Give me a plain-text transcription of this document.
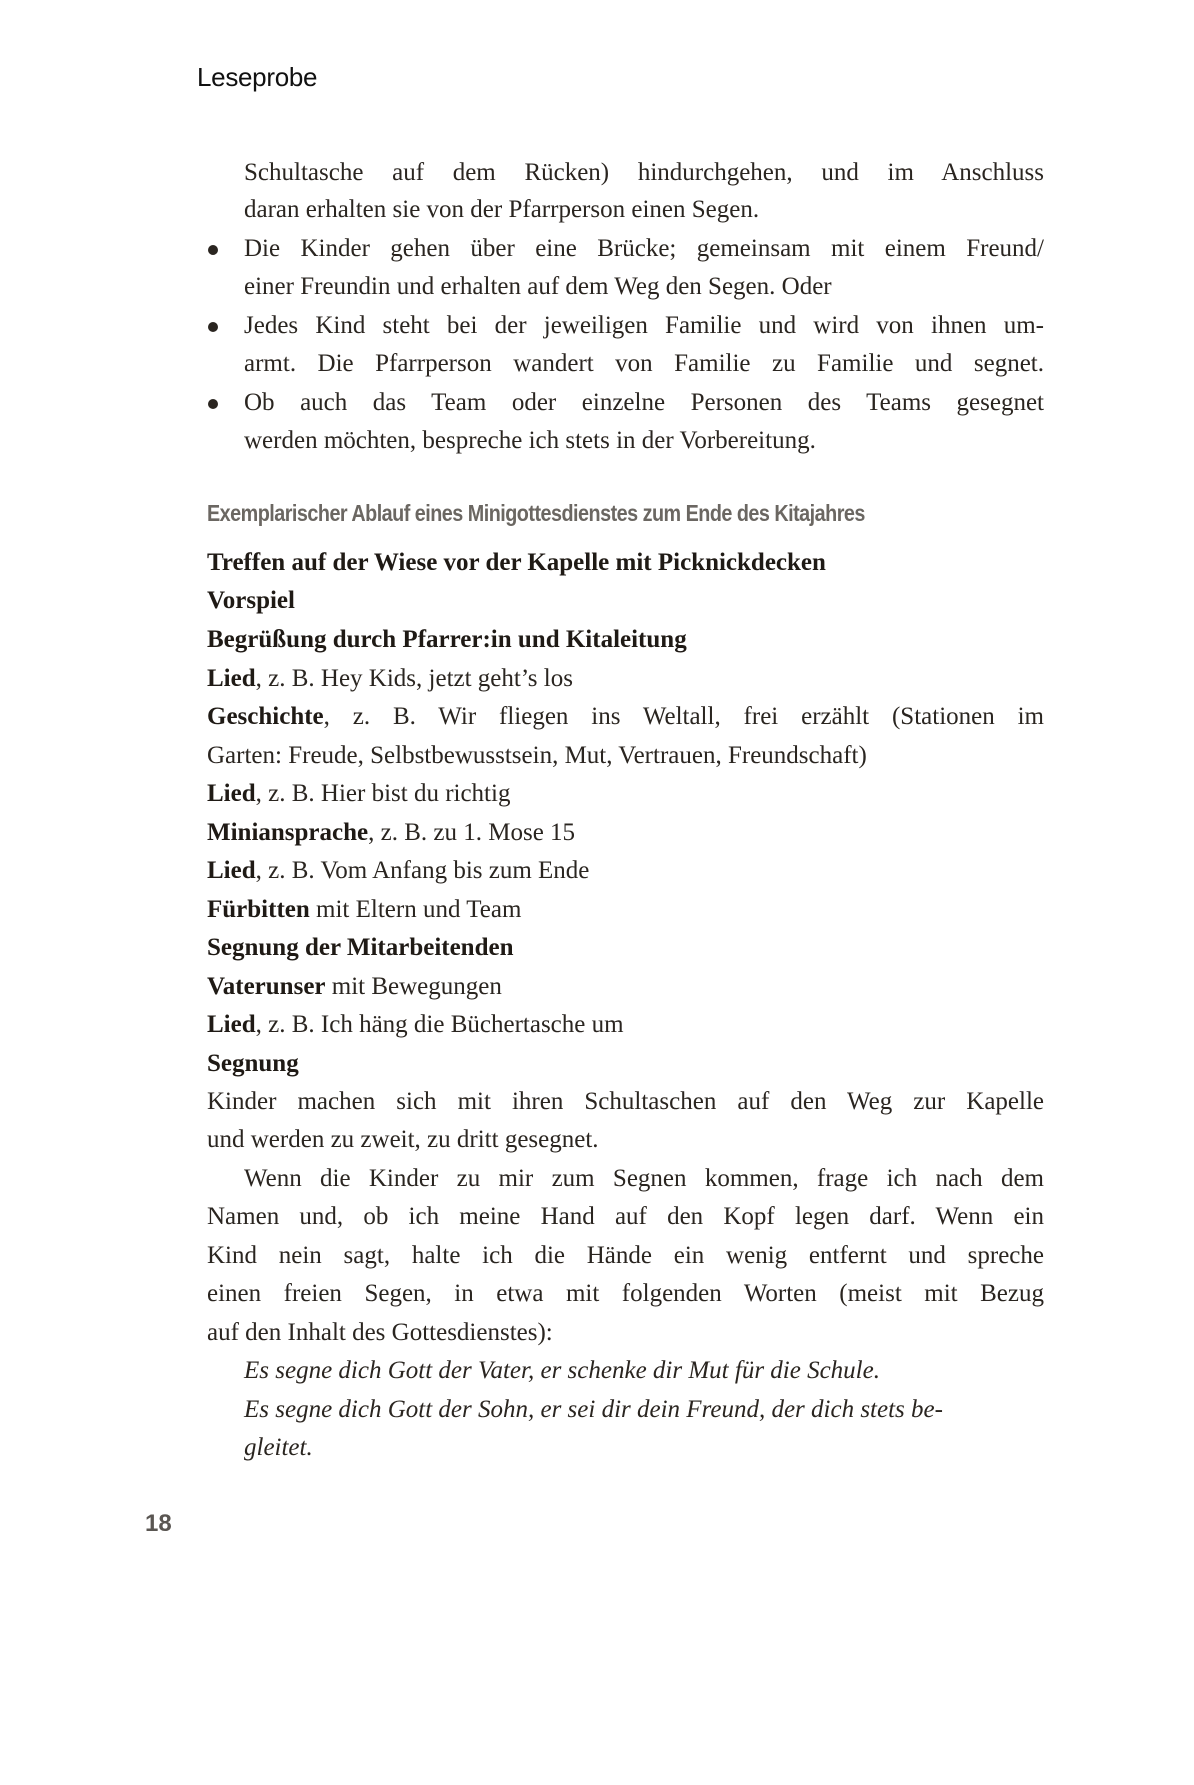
Leseprobe
Schultasche auf dem Rücken) hindurchgehen, und im Anschluss
daran erhalten sie von der Pfarrperson einen Segen.
Die Kinder gehen über eine Brücke; gemeinsam mit einem Freund/
einer Freundin und erhalten auf dem Weg den Segen. Oder
Jedes Kind steht bei der jeweiligen Familie und wird von ihnen um-
armt. Die Pfarrperson wandert von Familie zu Familie und segnet.
Ob auch das Team oder einzelne Personen des Teams gesegnet
werden möchten, bespreche ich stets in der Vorbereitung.
Exemplarischer Ablauf eines Minigottesdienstes zum Ende des Kitajahres
Treffen auf der Wiese vor der Kapelle mit Picknickdecken
Vorspiel
Begrüßung durch Pfarrer:in und Kitaleitung
Lied, z. B. Hey Kids, jetzt geht’s los
Geschichte, z. B. Wir fliegen ins Weltall, frei erzählt (Stationen im
Garten: Freude, Selbstbewusstsein, Mut, Vertrauen, Freundschaft)
Lied, z. B. Hier bist du richtig
Miniansprache, z. B. zu 1. Mose 15
Lied, z. B. Vom Anfang bis zum Ende
Fürbitten mit Eltern und Team
Segnung der Mitarbeitenden
Vaterunser mit Bewegungen
Lied, z. B. Ich häng die Büchertasche um
Segnung
Kinder machen sich mit ihren Schultaschen auf den Weg zur Kapelle
und werden zu zweit, zu dritt gesegnet.
Wenn die Kinder zu mir zum Segnen kommen, frage ich nach dem
Namen und, ob ich meine Hand auf den Kopf legen darf. Wenn ein
Kind nein sagt, halte ich die Hände ein wenig entfernt und spreche
einen freien Segen, in etwa mit folgenden Worten (meist mit Bezug
auf den Inhalt des Gottesdienstes):
Es segne dich Gott der Vater, er schenke dir Mut für die Schule.
Es segne dich Gott der Sohn, er sei dir dein Freund, der dich stets be-
gleitet.
18
